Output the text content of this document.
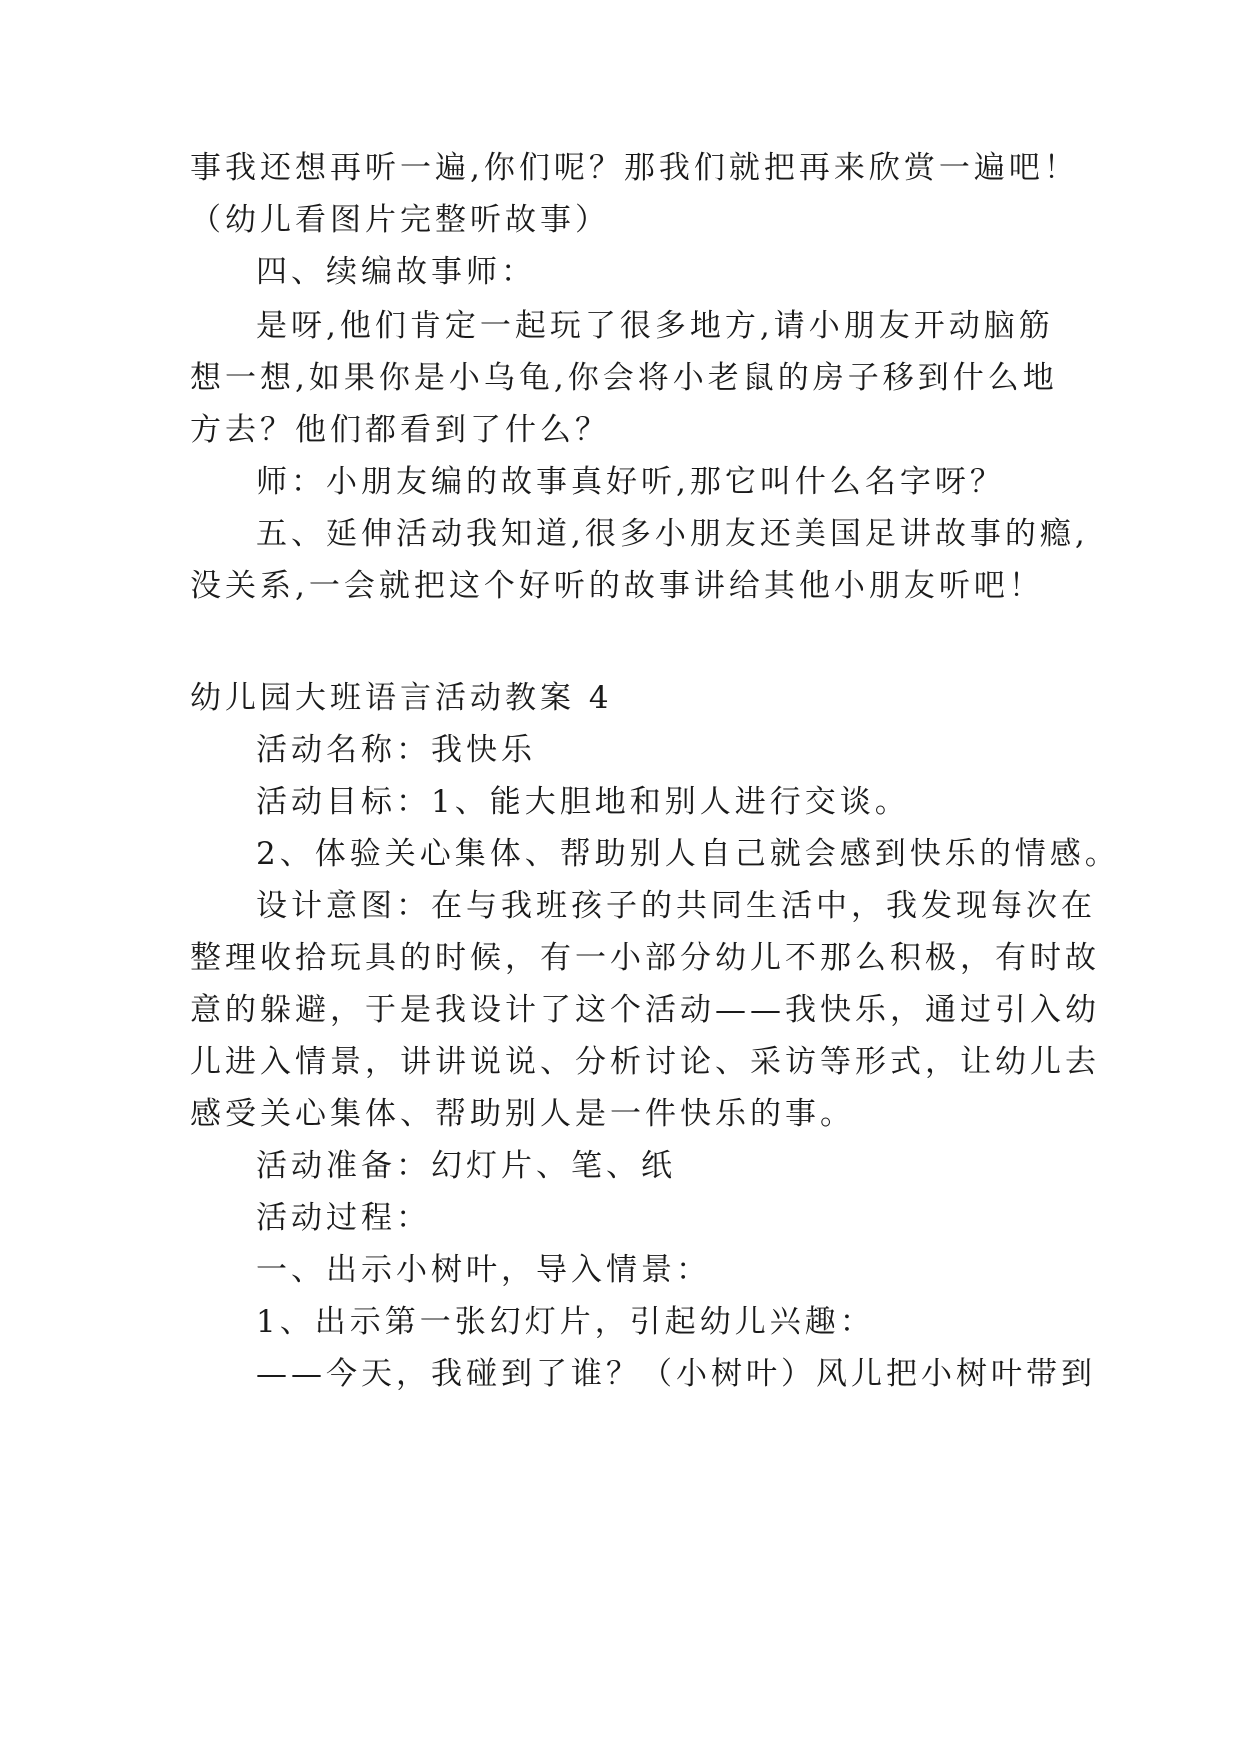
事我还想再听一遍,你们呢？那我们就把再来欣赏一遍吧！
（幼儿看图片完整听故事）
四、续编故事师：
是呀,他们肯定一起玩了很多地方,请小朋友开动脑筋
想一想,如果你是小乌龟,你会将小老鼠的房子移到什么地
方去？他们都看到了什么？
师：小朋友编的故事真好听,那它叫什么名字呀？
五、延伸活动我知道,很多小朋友还美国足讲故事的瘾,
没关系,一会就把这个好听的故事讲给其他小朋友听吧！
幼儿园大班语言活动教案 4
活动名称：我快乐
活动目标：1、能大胆地和别人进行交谈。
2、体验关心集体、帮助别人自己就会感到快乐的情感。
设计意图：在与我班孩子的共同生活中，我发现每次在
整理收拾玩具的时候，有一小部分幼儿不那么积极，有时故
意的躲避，于是我设计了这个活动——我快乐，通过引入幼
儿进入情景，讲讲说说、分析讨论、采访等形式，让幼儿去
感受关心集体、帮助别人是一件快乐的事。
活动准备：幻灯片、笔、纸
活动过程：
一、出示小树叶，导入情景：
1、出示第一张幻灯片，引起幼儿兴趣：
——今天，我碰到了谁？（小树叶）风儿把小树叶带到
